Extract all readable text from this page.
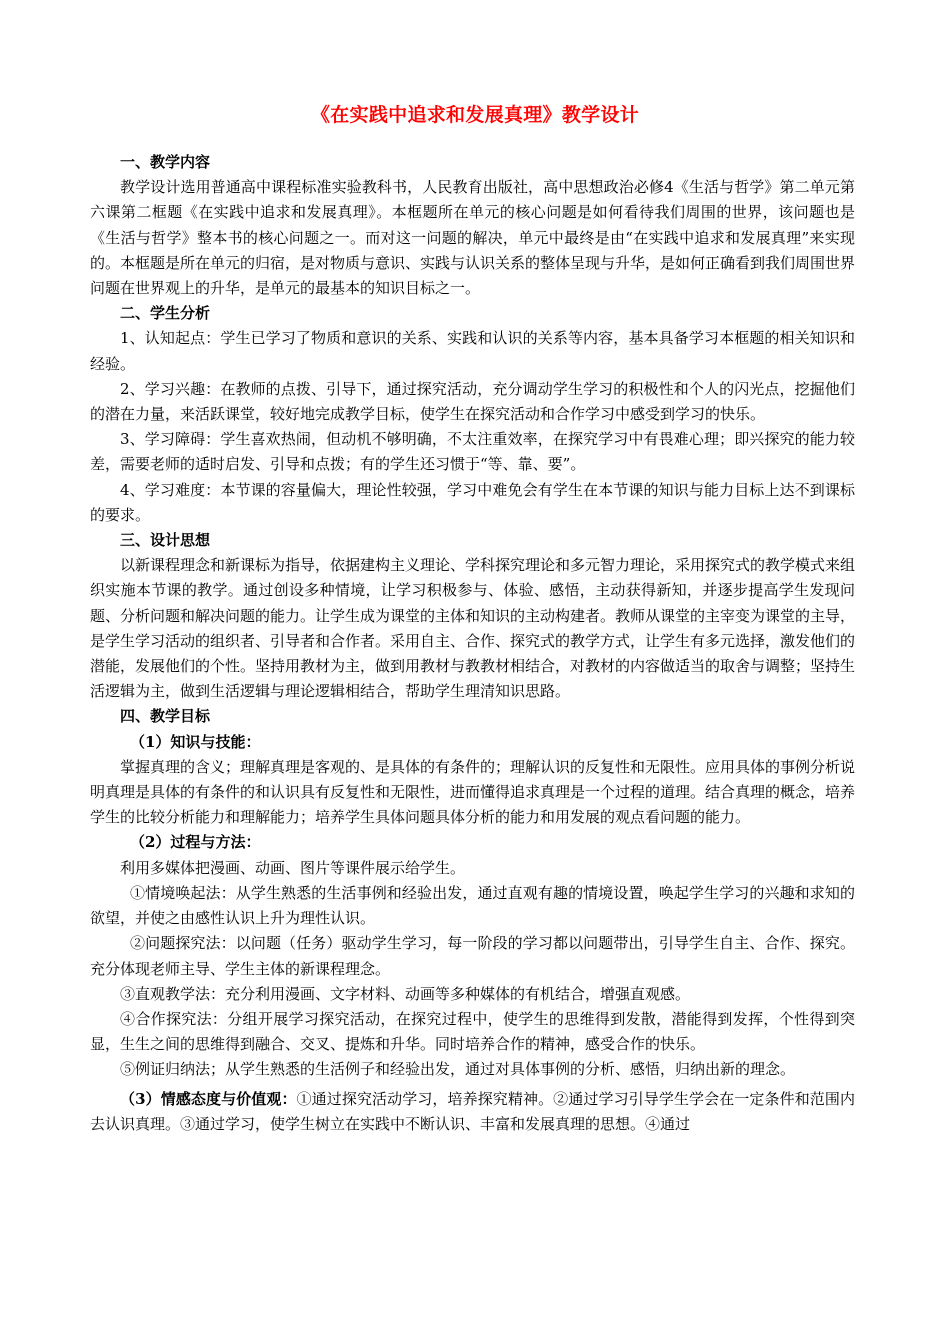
《在实践中追求和发展真理》教学设计
一、教学内容

教学设计选用普通高中课程标准实验教科书，人民教育出版社，高中思想政治必修4《生活与哲学》第二单元第六课第二框题《在实践中追求和发展真理》。本框题所在单元的核心问题是如何看待我们周围的世界，该问题也是《生活与哲学》整本书的核心问题之一。而对这一问题的解决，单元中最终是由“在实践中追求和发展真理”来实现的。本框题是所在单元的归宿，是对物质与意识、实践与认识关系的整体呈现与升华，是如何正确看到我们周围世界问题在世界观上的升华，是单元的最基本的知识目标之一。

二、学生分析

1、认知起点：学生已学习了物质和意识的关系、实践和认识的关系等内容，基本具备学习本框题的相关知识和经验。

2、学习兴趣：在教师的点拨、引导下，通过探究活动，充分调动学生学习的积极性和个人的闪光点，挖掘他们的潜在力量，来活跃课堂，较好地完成教学目标，使学生在探究活动和合作学习中感受到学习的快乐。

3、学习障碍：学生喜欢热闹，但动机不够明确，不太注重效率，在探究学习中有畏难心理；即兴探究的能力较差，需要老师的适时启发、引导和点拨；有的学生还习惯于“等、靠、要”。

4、学习难度：本节课的容量偏大，理论性较强，学习中难免会有学生在本节课的知识与能力目标上达不到课标的要求。

三、设计思想

以新课程理念和新课标为指导，依据建构主义理论、学科探究理论和多元智力理论，采用探究式的教学模式来组织实施本节课的教学。通过创设多种情境，让学习积极参与、体验、感悟，主动获得新知，并逐步提高学生发现问题、分析问题和解决问题的能力。让学生成为课堂的主体和知识的主动构建者。教师从课堂的主宰变为课堂的主导，是学生学习活动的组织者、引导者和合作者。采用自主、合作、探究式的教学方式，让学生有多元选择，激发他们的潜能，发展他们的个性。坚持用教材为主，做到用教材与教教材相结合，对教材的内容做适当的取舍与调整；坚持生活逻辑为主，做到生活逻辑与理论逻辑相结合，帮助学生理清知识思路。

四、教学目标
（1）知识与技能：

掌握真理的含义；理解真理是客观的、是具体的有条件的；理解认识的反复性和无限性。应用具体的事例分析说明真理是具体的有条件的和认识具有反复性和无限性，进而懂得追求真理是一个过程的道理。结合真理的概念，培养学生的比较分析能力和理解能力；培养学生具体问题具体分析的能力和用发展的观点看问题的能力。

（2）过程与方法：

利用多媒体把漫画、动画、图片等课件展示给学生。

①情境唤起法：从学生熟悉的生活事例和经验出发，通过直观有趣的情境设置，唤起学生学习的兴趣和求知的欲望，并使之由感性认识上升为理性认识。

②问题探究法：以问题（任务）驱动学生学习，每一阶段的学习都以问题带出，引导学生自主、合作、探究。充分体现老师主导、学生主体的新课程理念。

③直观教学法：充分利用漫画、文字材料、动画等多种媒体的有机结合，增强直观感。

④合作探究法：分组开展学习探究活动，在探究过程中，使学生的思维得到发散，潜能得到发挥，个性得到突显，生生之间的思维得到融合、交叉、提炼和升华。同时培养合作的精神，感受合作的快乐。

⑤例证归纳法；从学生熟悉的生活例子和经验出发，通过对具体事例的分析、感悟，归纳出新的理念。

（3）情感态度与价值观：①通过探究活动学习，培养探究精神。②通过学习引导学生学会在一定条件和范围内去认识真理。③通过学习，使学生树立在实践中不断认识、丰富和发展真理的思想。④通过
